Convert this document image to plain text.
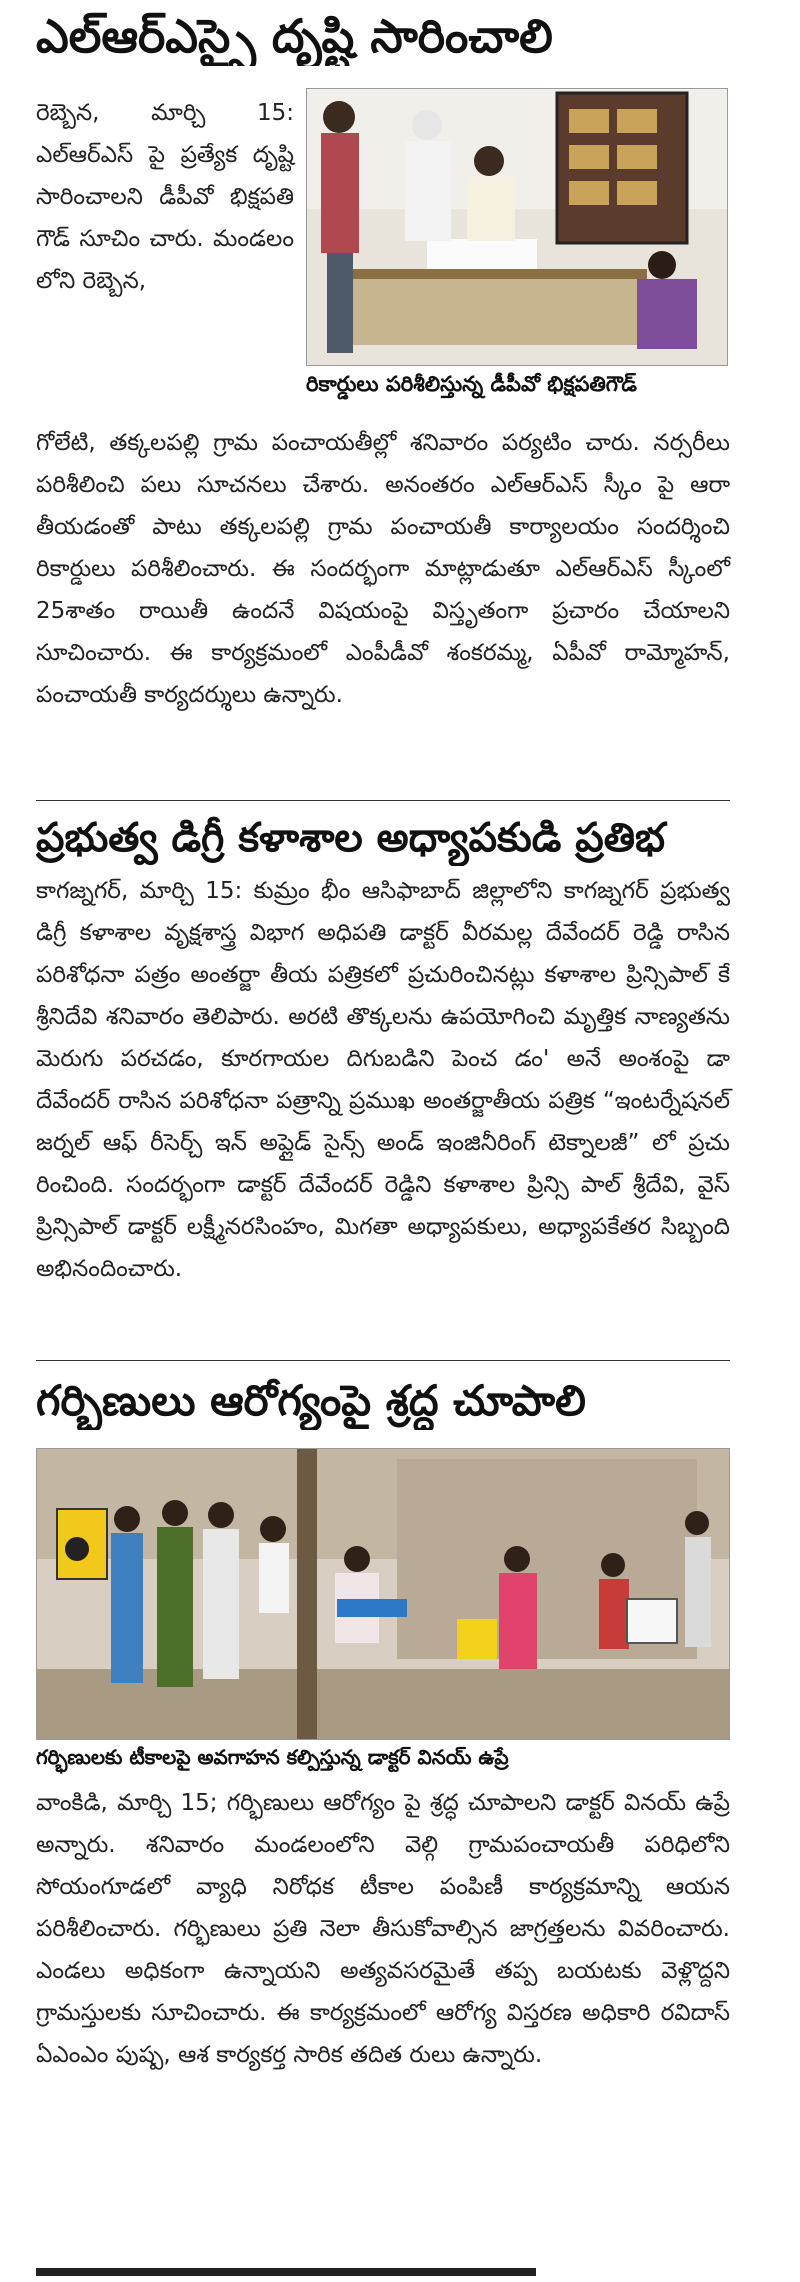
ఎల్ఆర్ఎస్పై దృష్టి సారించాలి

రికార్డులు పరిశీలిస్తున్న డీపీవో భిక్షపతిగౌడ్

రెబ్బెన, మార్చి 15: ఎల్ఆర్ఎస్ పై ప్రత్యేక దృష్టి సారించాలని డీపీవో భిక్షపతి గౌడ్ సూచిం చారు. మండలం లోని రెబ్బెన,

గోలేటి, తక్కలపల్లి గ్రామ పంచాయతీల్లో శనివారం పర్యటిం చారు. నర్సరీలు పరిశీలించి పలు సూచనలు చేశారు. అనంతరం ఎల్ఆర్ఎస్ స్కీం పై ఆరా తీయడంతో పాటు తక్కలపల్లి గ్రామ పంచాయతీ కార్యాలయం సందర్శించి రికార్డులు పరిశీలించారు. ఈ సందర్భంగా మాట్లాడుతూ ఎల్ఆర్ఎస్ స్కీంలో 25శాతం రాయితీ ఉందనే విషయంపై విస్తృతంగా ప్రచారం చేయాలని సూచించారు. ఈ కార్యక్రమంలో ఎంపీడీవో శంకరమ్మ, ఏపీవో రామ్మోహన్, పంచాయతీ కార్యదర్శులు ఉన్నారు.

ప్రభుత్వ డిగ్రీ కళాశాల అధ్యాపకుడి ప్రతిభ

కాగజ్నగర్, మార్చి 15: కుమ్రం భీం ఆసిఫాబాద్ జిల్లాలోని కాగజ్నగర్ ప్రభుత్వ డిగ్రీ కళాశాల వృక్షశాస్త్ర విభాగ అధిపతి డాక్టర్ వీరమల్ల దేవేందర్ రెడ్డి రాసిన పరిశోధనా పత్రం అంతర్జా తీయ పత్రికలో ప్రచురించినట్లు కళాశాల ప్రిన్సిపాల్ కే శ్రీనిదేవి శనివారం తెలిపారు. అరటి తొక్కలను ఉపయోగించి మృత్తిక నాణ్యతను మెరుగు పరచడం, కూరగాయల దిగుబడిని పెంచ డం' అనే అంశంపై డా దేవేందర్ రాసిన పరిశోధనా పత్రాన్ని ప్రముఖ అంతర్జాతీయ పత్రిక “ఇంటర్నేషనల్ జర్నల్ ఆఫ్ రీసెర్చ్ ఇన్ అప్లైడ్ సైన్స్ అండ్ ఇంజినీరింగ్ టెక్నాలజీ” లో ప్రచు రించింది. సందర్భంగా డాక్టర్ దేవేందర్ రెడ్డిని కళాశాల ప్రిన్సి పాల్ శ్రీదేవి, వైస్ ప్రిన్సిపాల్ డాక్టర్ లక్ష్మీనరసింహం, మిగతా అధ్యాపకులు, అధ్యాపకేతర సిబ్బంది అభినందించారు.

గర్భిణులు ఆరోగ్యంపై శ్రద్ధ చూపాలి

గర్భిణులకు టీకాలపై అవగాహన కల్పిస్తున్న డాక్టర్ వినయ్ ఉప్రే

వాంకిడి, మార్చి 15; గర్భిణులు ఆరోగ్యం పై శ్రద్ధ చూపాలని డాక్టర్ వినయ్ ఉప్రే అన్నారు. శనివారం మండలంలోని వెల్గి గ్రామపంచాయతీ పరిధిలోని సోయంగూడలో వ్యాధి నిరోధక టీకాల పంపిణీ కార్యక్రమాన్ని ఆయన పరిశీలించారు. గర్భిణులు ప్రతి నెలా తీసుకోవాల్సిన జాగ్రత్తలను వివరించారు. ఎండలు అధికంగా ఉన్నాయని అత్యవసరమైతే తప్ప బయటకు వెళ్లొద్దని గ్రామస్తులకు సూచించారు. ఈ కార్యక్రమంలో ఆరోగ్య విస్తరణ అధికారి రవిదాస్ ఏఎంఎం పుష్ప, ఆశ కార్యకర్త సారిక తదిత రులు ఉన్నారు.
